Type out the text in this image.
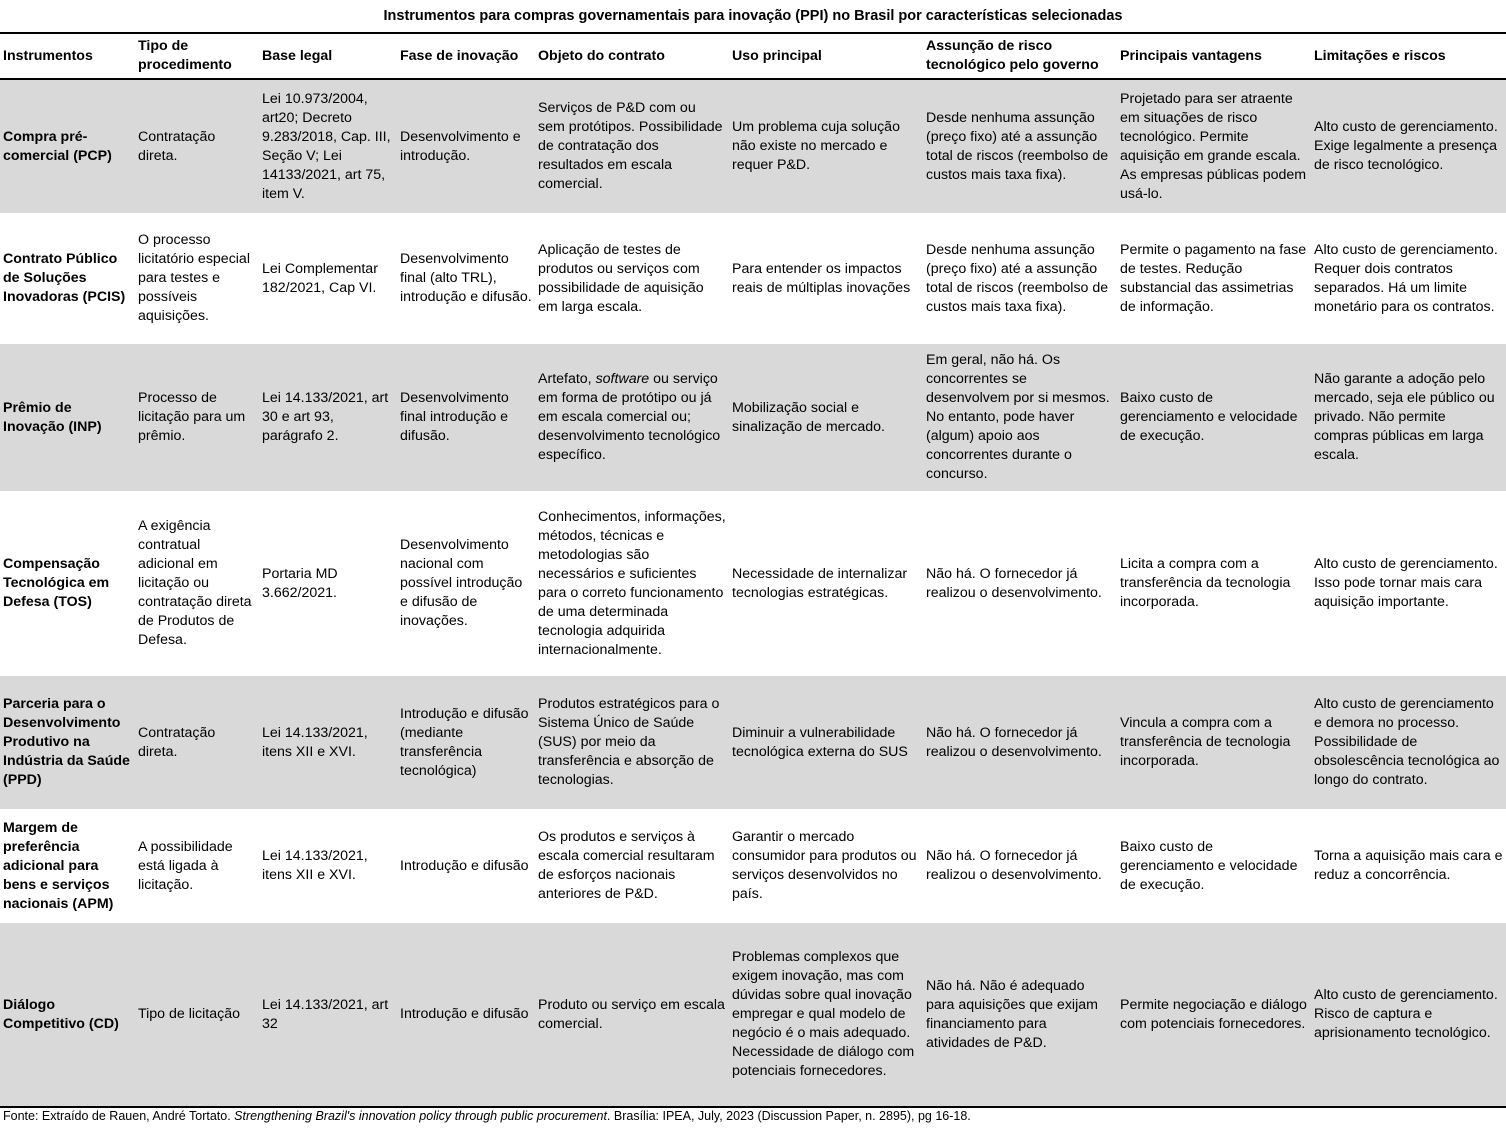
Instrumentos para compras governamentais para inovação (PPI) no Brasil por características selecionadas
Instrumentos	Tipo de procedimento	Base legal	Fase de inovação	Objeto do contrato	Uso principal	Assunção de risco tecnológico pelo governo	Principais vantagens	Limitações e riscos
Compra pré-comercial (PCP)	Contratação direta.	Lei 10.973/2004, art20; Decreto 9.283/2018, Cap. III, Seção V; Lei 14133/2021, art 75, item V.	Desenvolvimento e introdução.	Serviços de P&D com ou sem protótipos. Possibilidade de contratação dos resultados em escala comercial.	Um problema cuja solução não existe no mercado e requer P&D.	Desde nenhuma assunção (preço fixo) até a assunção total de riscos (reembolso de custos mais taxa fixa).	Projetado para ser atraente em situações de risco tecnológico. Permite aquisição em grande escala. As empresas públicas podem usá-lo.	Alto custo de gerenciamento. Exige legalmente a presença de risco tecnológico.
Contrato Público de Soluções Inovadoras (PCIS)	O processo licitatório especial para testes e possíveis aquisições.	Lei Complementar 182/2021, Cap VI.	Desenvolvimento final (alto TRL), introdução e difusão.	Aplicação de testes de produtos ou serviços com possibilidade de aquisição em larga escala.	Para entender os impactos reais de múltiplas inovações	Desde nenhuma assunção (preço fixo) até a assunção total de riscos (reembolso de custos mais taxa fixa).	Permite o pagamento na fase de testes. Redução substancial das assimetrias de informação.	Alto custo de gerenciamento. Requer dois contratos separados. Há um limite monetário para os contratos.
Prêmio de Inovação (INP)	Processo de licitação para um prêmio.	Lei 14.133/2021, art 30 e art 93, parágrafo 2.	Desenvolvimento final introdução e difusão.	Artefato, software ou serviço em forma de protótipo ou já em escala comercial ou; desenvolvimento tecnológico específico.	Mobilização social e sinalização de mercado.	Em geral, não há. Os concorrentes se desenvolvem por si mesmos. No entanto, pode haver (algum) apoio aos concorrentes durante o concurso.	Baixo custo de gerenciamento e velocidade de execução.	Não garante a adoção pelo mercado, seja ele público ou privado. Não permite compras públicas em larga escala.
Compensação Tecnológica em Defesa (TOS)	A exigência contratual adicional em licitação ou contratação direta de Produtos de Defesa.	Portaria MD 3.662/2021.	Desenvolvimento nacional com possível introdução e difusão de inovações.	Conhecimentos, informações, métodos, técnicas e metodologias são necessários e suficientes para o correto funcionamento de uma determinada tecnologia adquirida internacionalmente.	Necessidade de internalizar tecnologias estratégicas.	Não há. O fornecedor já realizou o desenvolvimento.	Licita a compra com a transferência da tecnologia incorporada.	Alto custo de gerenciamento. Isso pode tornar mais cara aquisição importante.
Parceria para o Desenvolvimento Produtivo na Indústria da Saúde (PPD)	Contratação direta.	Lei 14.133/2021, itens XII e XVI.	Introdução e difusão (mediante transferência tecnológica)	Produtos estratégicos para o Sistema Único de Saúde (SUS) por meio da transferência e absorção de tecnologias.	Diminuir a vulnerabilidade tecnológica externa do SUS	Não há. O fornecedor já realizou o desenvolvimento.	Vincula a compra com a transferência de tecnologia incorporada.	Alto custo de gerenciamento e demora no processo. Possibilidade de obsolescência tecnológica ao longo do contrato.
Margem de preferência adicional para bens e serviços nacionais (APM)	A possibilidade está ligada à licitação.	Lei 14.133/2021, itens XII e XVI.	Introdução e difusão	Os produtos e serviços à escala comercial resultaram de esforços nacionais anteriores de P&D.	Garantir o mercado consumidor para produtos ou serviços desenvolvidos no país.	Não há. O fornecedor já realizou o desenvolvimento.	Baixo custo de gerenciamento e velocidade de execução.	Torna a aquisição mais cara e reduz a concorrência.
Diálogo Competitivo (CD)	Tipo de licitação	Lei 14.133/2021, art 32	Introdução e difusão	Produto ou serviço em escala comercial.	Problemas complexos que exigem inovação, mas com dúvidas sobre qual inovação empregar e qual modelo de negócio é o mais adequado. Necessidade de diálogo com potenciais fornecedores.	Não há. Não é adequado para aquisições que exijam financiamento para atividades de P&D.	Permite negociação e diálogo com potenciais fornecedores.	Alto custo de gerenciamento. Risco de captura e aprisionamento tecnológico.
Fonte: Extraído de Rauen, André Tortato. Strengthening Brazil's innovation policy through public procurement. Brasília: IPEA, July, 2023 (Discussion Paper, n. 2895), pg 16-18.
